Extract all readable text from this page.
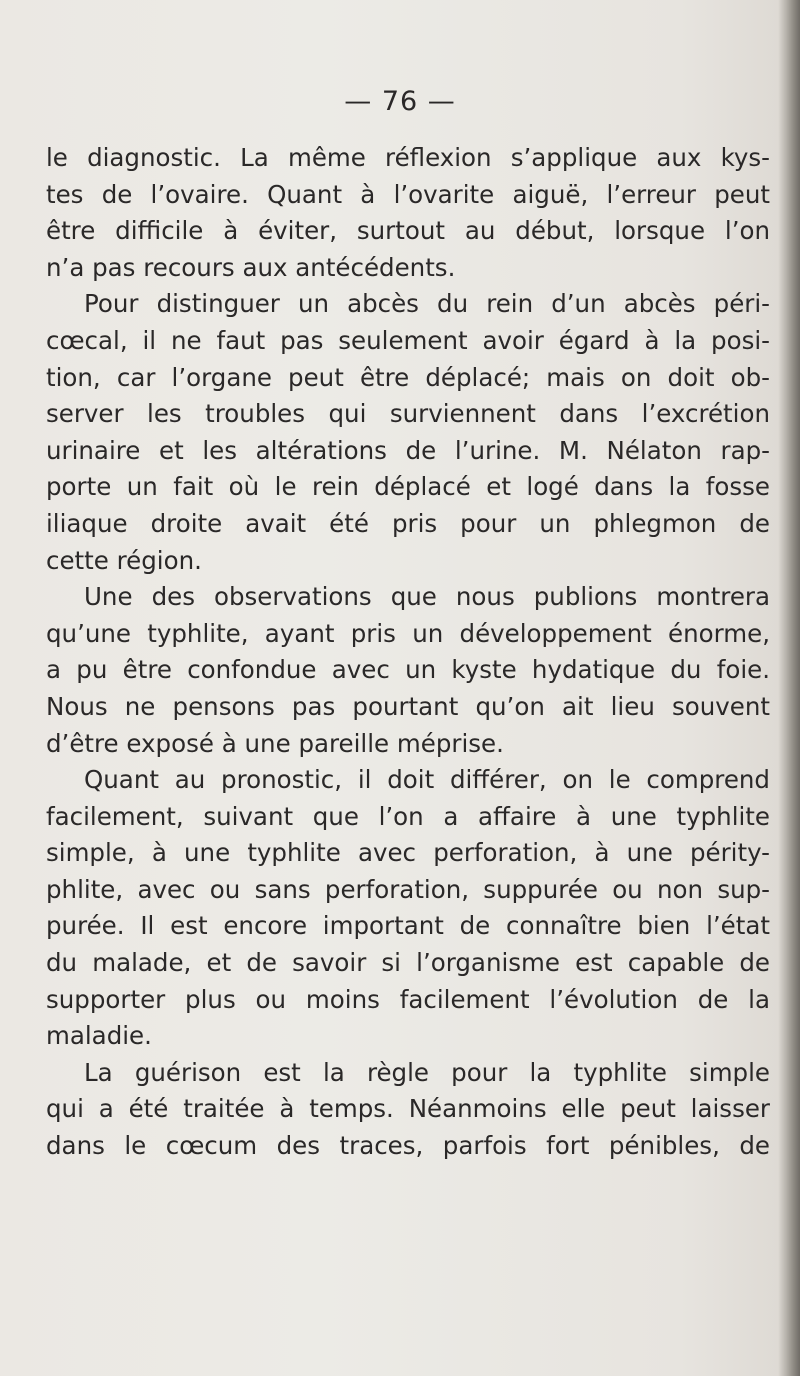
— 76 —
le diagnostic. La même réflexion s’applique aux kys-
tes de l’ovaire. Quant à l’ovarite aiguë, l’erreur peut
être difficile à éviter, surtout au début, lorsque l’on
n’a pas recours aux antécédents.
Pour distinguer un abcès du rein d’un abcès péri-
cœcal, il ne faut pas seulement avoir égard à la posi-
tion, car l’organe peut être déplacé; mais on doit ob-
server les troubles qui surviennent dans l’excrétion
urinaire et les altérations de l’urine. M. Nélaton rap-
porte un fait où le rein déplacé et logé dans la fosse
iliaque droite avait été pris pour un phlegmon de
cette région.
Une des observations que nous publions montrera
qu’une typhlite, ayant pris un développement énorme,
a pu être confondue avec un kyste hydatique du foie.
Nous ne pensons pas pourtant qu’on ait lieu souvent
d’être exposé à une pareille méprise.
Quant au pronostic, il doit différer, on le comprend
facilement, suivant que l’on a affaire à une typhlite
simple, à une typhlite avec perforation, à une périty-
phlite, avec ou sans perforation, suppurée ou non sup-
purée. Il est encore important de connaître bien l’état
du malade, et de savoir si l’organisme est capable de
supporter plus ou moins facilement l’évolution de la
maladie.
La guérison est la règle pour la typhlite simple
qui a été traitée à temps. Néanmoins elle peut laisser
dans le cœcum des traces, parfois fort pénibles, de
